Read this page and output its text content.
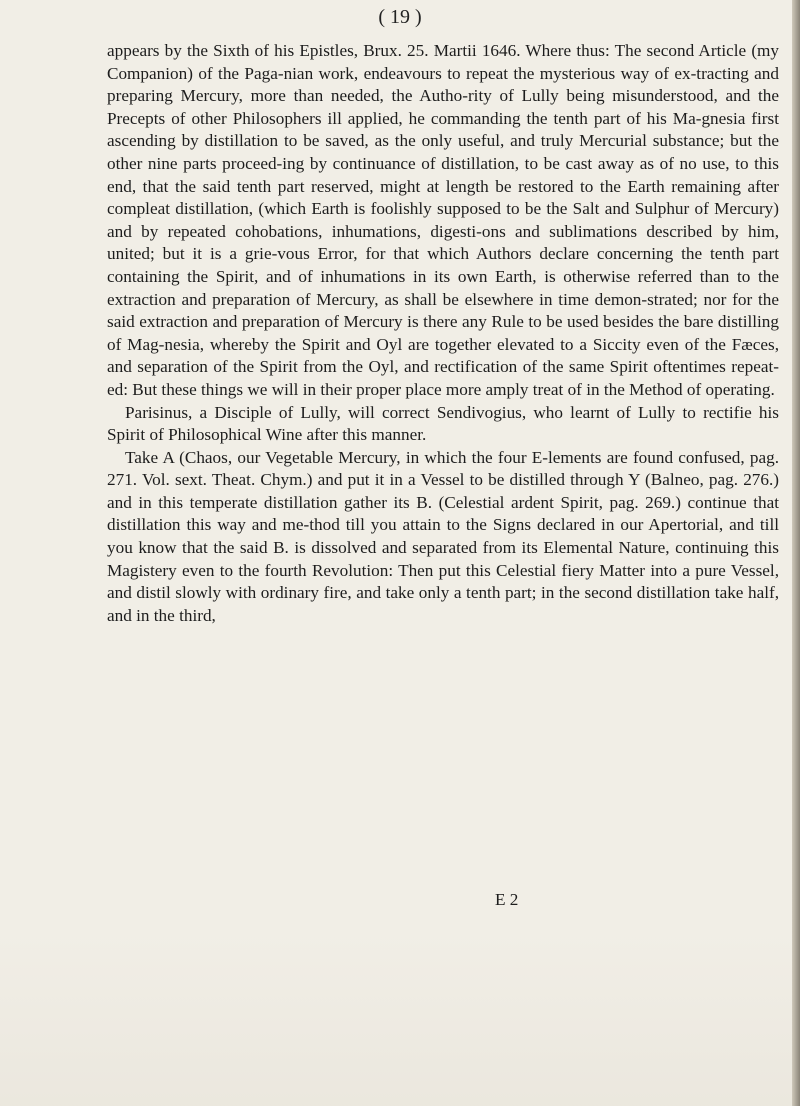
( 19 )

appears by the Sixth of his Epistles, Brux. 25. Martii 1646. Where thus: The second Article (my Companion) of the Paga-nian work, endeavours to repeat the mysterious way of ex-tracting and preparing Mercury, more than needed, the Autho-rity of Lully being misunderstood, and the Precepts of other Philosophers ill applied, he commanding the tenth part of his Ma-gnesia first ascending by distillation to be saved, as the only useful, and truly Mercurial substance; but the other nine parts proceed-ing by continuance of distillation, to be cast away as of no use, to this end, that the said tenth part reserved, might at length be restored to the Earth remaining after compleat distillation, (which Earth is foolishly supposed to be the Salt and Sulphur of Mercury) and by repeated cohobations, inhumations, digesti-ons and sublimations described by him, united; but it is a grie-vous Error, for that which Authors declare concerning the tenth part containing the Spirit, and of inhumations in its own Earth, is otherwise referred than to the extraction and preparation of Mercury, as shall be elsewhere in time demon-strated; nor for the said extraction and preparation of Mercury is there any Rule to be used besides the bare distilling of Mag-nesia, whereby the Spirit and Oyl are together elevated to a Siccity even of the Fæces, and separation of the Spirit from the Oyl, and rectification of the same Spirit oftentimes repeat-ed: But these things we will in their proper place more amply treat of in the Method of operating.

Parisinus, a Disciple of Lully, will correct Sendivogius, who learnt of Lully to rectifie his Spirit of Philosophical Wine after this manner.

Take A (Chaos, our Vegetable Mercury, in which the four E-lements are found confused, pag. 271. Vol. sext. Theat. Chym.) and put it in a Vessel to be distilled through Y (Balneo, pag. 276.) and in this temperate distillation gather its B. (Celestial ardent Spirit, pag. 269.) continue that distillation this way and me-thod till you attain to the Signs declared in our Apertorial, and till you know that the said B. is dissolved and separated from its Elemental Nature, continuing this Magistery even to the fourth Revolution: Then put this Celestial fiery Matter into a pure Vessel, and distil slowly with ordinary fire, and take only a tenth part; in the second distillation take half, and in the third,

E 2
